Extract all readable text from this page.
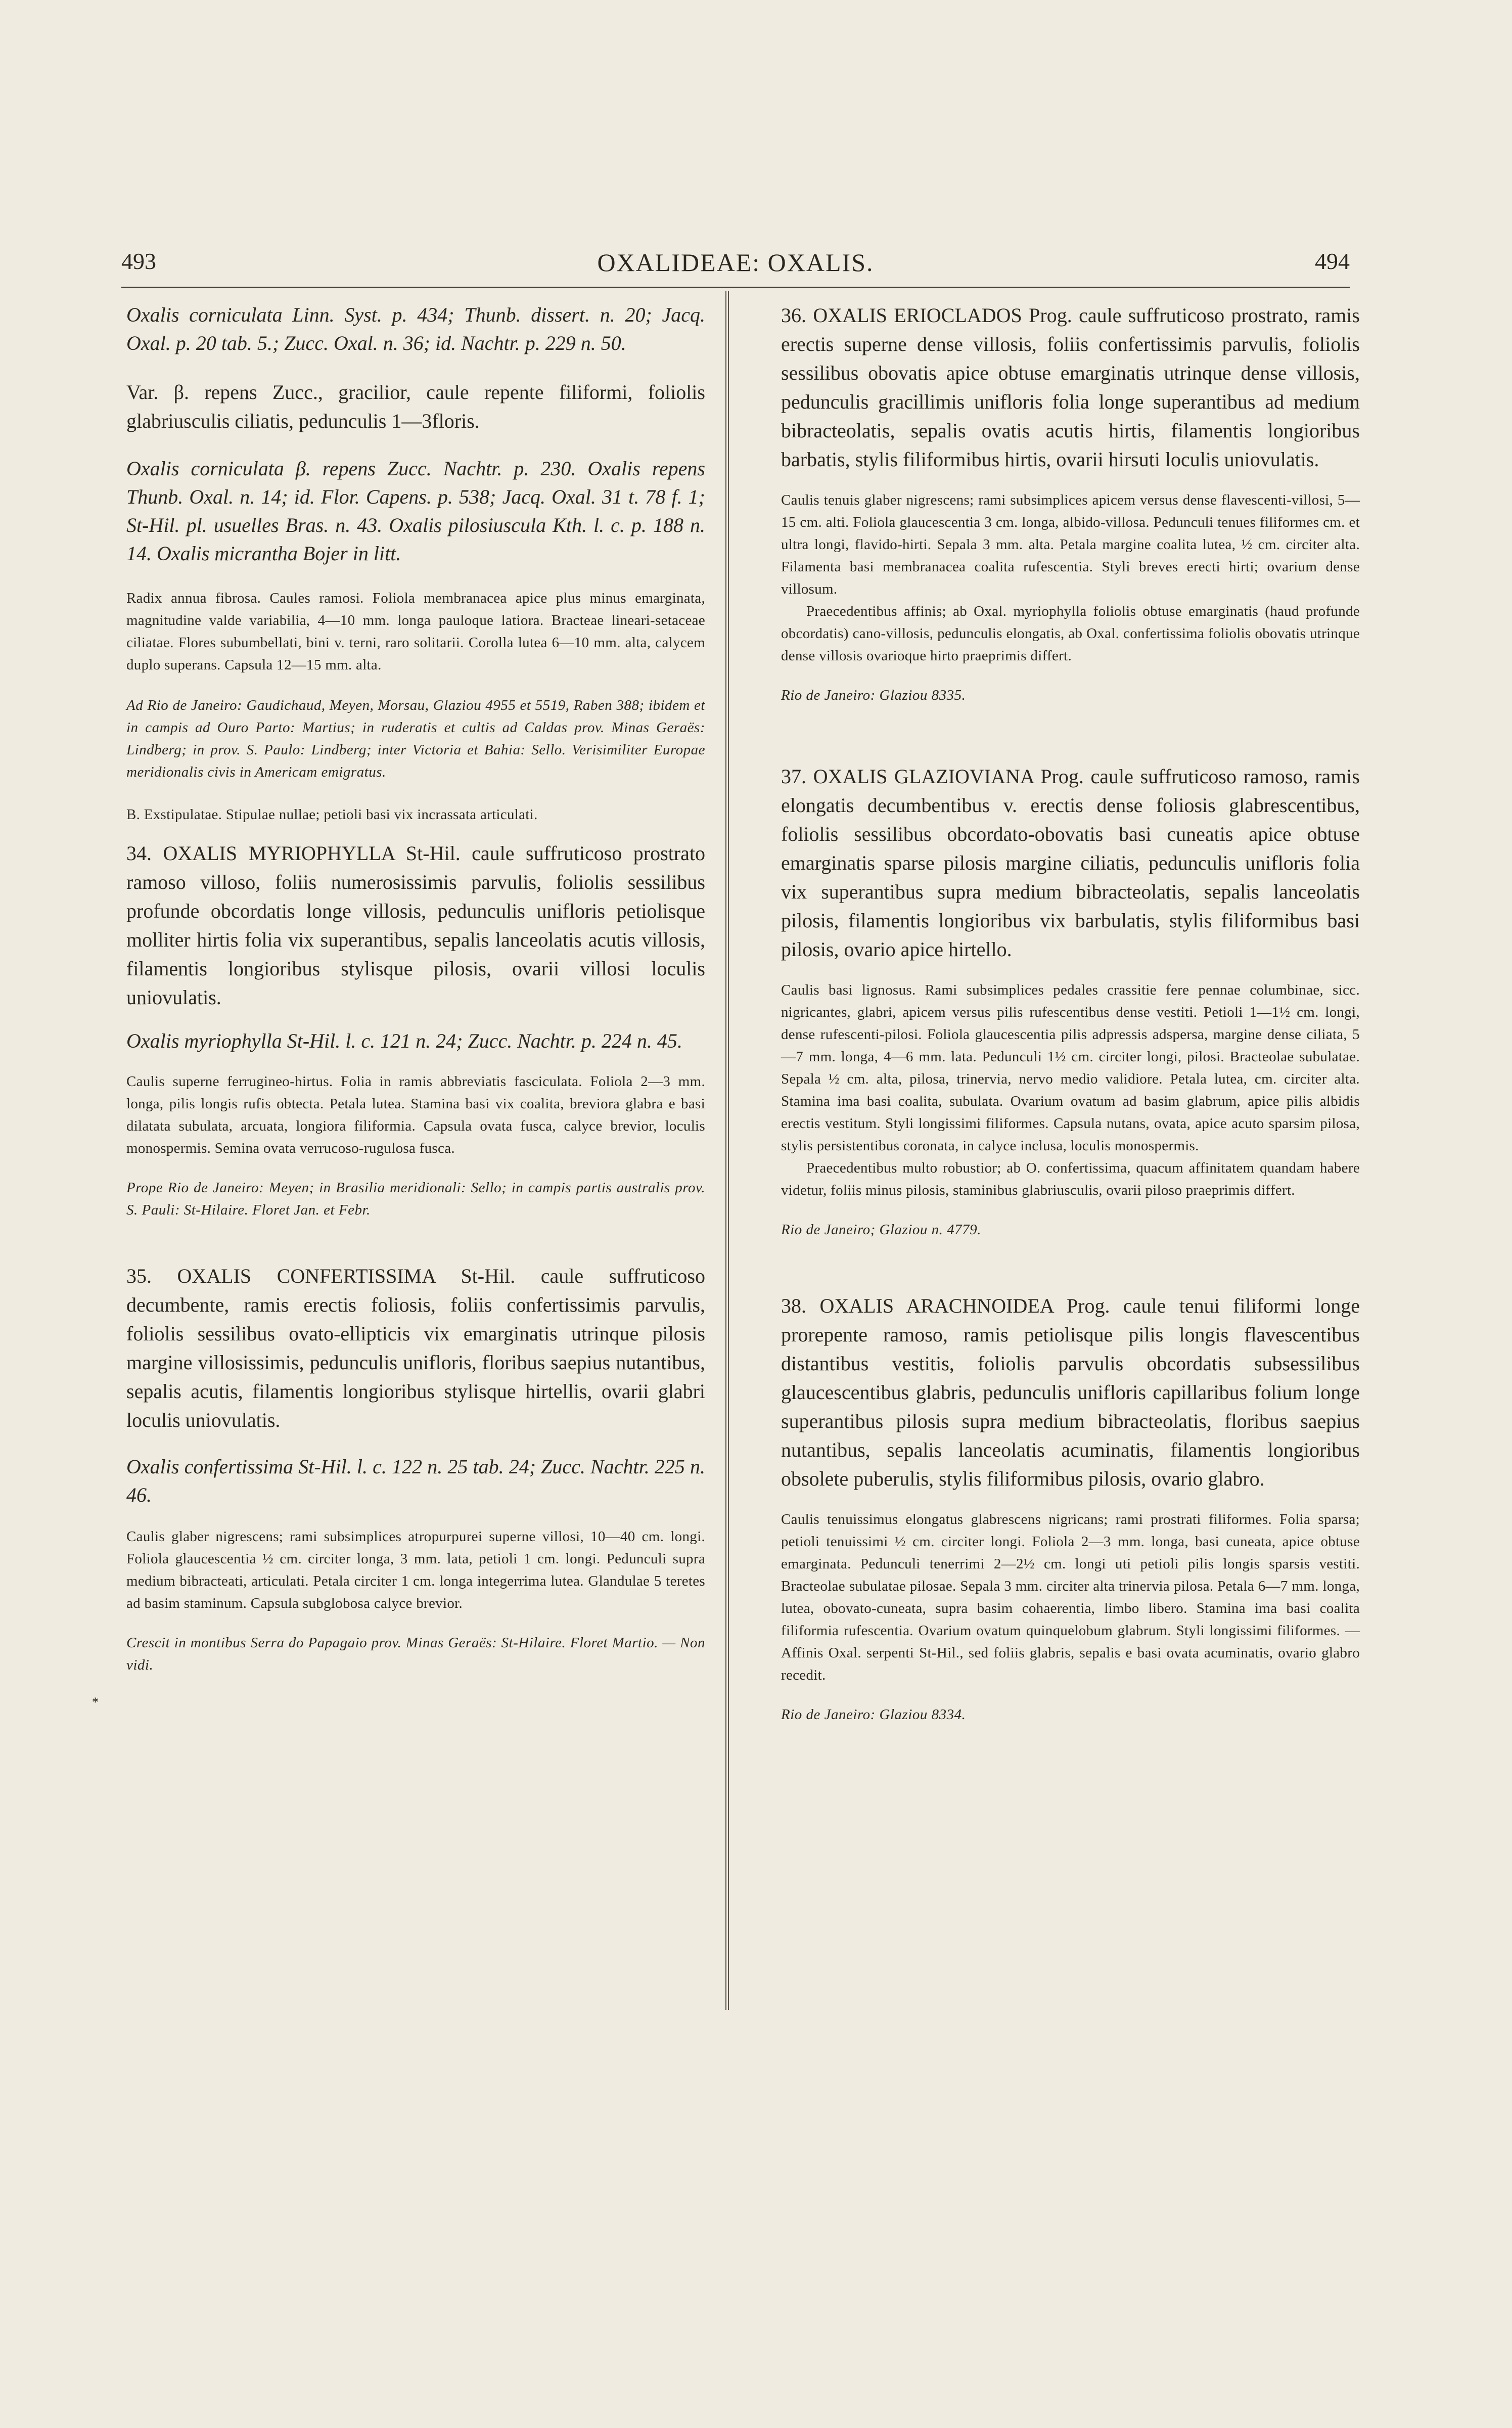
493	OXALIDEAE: OXALIS.	494

Oxalis corniculata Linn. Syst. p. 434; Thunb. dissert. n. 20; Jacq. Oxal. p. 20 tab. 5.; Zucc. Oxal. n. 36; id. Nachtr. p. 229 n. 50.

Var. β. repens Zucc., gracilior, caule repente filiformi, foliolis glabriusculis ciliatis, pedunculis 1—3floris.

Oxalis corniculata β. repens Zucc. Nachtr. p. 230. Oxalis repens Thunb. Oxal. n. 14; id. Flor. Capens. p. 538; Jacq. Oxal. 31 t. 78 f. 1; St-Hil. pl. usuelles Bras. n. 43. Oxalis pilosiuscula Kth. l. c. p. 188 n. 14. Oxalis micrantha Bojer in litt.

Radix annua fibrosa. Caules ramosi. Foliola membranacea apice plus minus emarginata, magnitudine valde variabilia, 4—10 mm. longa pauloque latiora. Bracteae lineari-setaceae ciliatae. Flores subumbellati, bini v. terni, raro solitarii. Corolla lutea 6—10 mm. alta, calycem duplo superans. Capsula 12—15 mm. alta.

Ad Rio de Janeiro: Gaudichaud, Meyen, Morsau, Glaziou 4955 et 5519, Raben 388; ibidem et in campis ad Ouro Parto: Martius; in ruderatis et cultis ad Caldas prov. Minas Geraës: Lindberg; in prov. S. Paulo: Lindberg; inter Victoria et Bahia: Sello. Verisimiliter Europae meridionalis civis in Americam emigratus.

B. Exstipulatae. Stipulae nullae; petioli basi vix incrassata articulati.

34. OXALIS MYRIOPHYLLA St-Hil. caule suffruticoso prostrato ramoso villoso, foliis numerosissimis parvulis, foliolis sessilibus profunde obcordatis longe villosis, pedunculis unifloris petiolisque molliter hirtis folia vix superantibus, sepalis lanceolatis acutis villosis, filamentis longioribus stylisque pilosis, ovarii villosi loculis uniovulatis.

Oxalis myriophylla St-Hil. l. c. 121 n. 24; Zucc. Nachtr. p. 224 n. 45.

Caulis superne ferrugineo-hirtus. Folia in ramis abbreviatis fasciculata. Foliola 2—3 mm. longa, pilis longis rufis obtecta. Petala lutea. Stamina basi vix coalita, breviora glabra e basi dilatata subulata, arcuata, longiora filiformia. Capsula ovata fusca, calyce brevior, loculis monospermis. Semina ovata verrucoso-rugulosa fusca.

Prope Rio de Janeiro: Meyen; in Brasilia meridionali: Sello; in campis partis australis prov. S. Pauli: St-Hilaire. Floret Jan. et Febr.

35. OXALIS CONFERTISSIMA St-Hil. caule suffruticoso decumbente, ramis erectis foliosis, foliis confertissimis parvulis, foliolis sessilibus ovato-ellipticis vix emarginatis utrinque pilosis margine villosissimis, pedunculis unifloris, floribus saepius nutantibus, sepalis acutis, filamentis longioribus stylisque hirtellis, ovarii glabri loculis uniovulatis.

Oxalis confertissima St-Hil. l. c. 122 n. 25 tab. 24; Zucc. Nachtr. 225 n. 46.

Caulis glaber nigrescens; rami subsimplices atropurpurei superne villosi, 10—40 cm. longi. Foliola glaucescentia ½ cm. circiter longa, 3 mm. lata, petioli 1 cm. longi. Pedunculi supra medium bibracteati, articulati. Petala circiter 1 cm. longa integerrima lutea. Glandulae 5 teretes ad basim staminum. Capsula subglobosa calyce brevior.

Crescit in montibus Serra do Papagaio prov. Minas Geraës: St-Hilaire. Floret Martio. — Non vidi.

36. OXALIS ERIOCLADOS Prog. caule suffruticoso prostrato, ramis erectis superne dense villosis, foliis confertissimis parvulis, foliolis sessilibus obovatis apice obtuse emarginatis utrinque dense villosis, pedunculis gracillimis unifloris folia longe superantibus ad medium bibracteolatis, sepalis ovatis acutis hirtis, filamentis longioribus barbatis, stylis filiformibus hirtis, ovarii hirsuti loculis uniovulatis.

Caulis tenuis glaber nigrescens; rami subsimplices apicem versus dense flavescenti-villosi, 5—15 cm. alti. Foliola glaucescentia 3 cm. longa, albido-villosa. Pedunculi tenues filiformes cm. et ultra longi, flavido-hirti. Sepala 3 mm. alta. Petala margine coalita lutea, ½ cm. circiter alta. Filamenta basi membranacea coalita rufescentia. Styli breves erecti hirti; ovarium dense villosum.

Praecedentibus affinis; ab Oxal. myriophylla foliolis obtuse emarginatis (haud profunde obcordatis) cano-villosis, pedunculis elongatis, ab Oxal. confertissima foliolis obovatis utrinque dense villosis ovarioque hirto praeprimis differt.

Rio de Janeiro: Glaziou 8335.

37. OXALIS GLAZIOVIANA Prog. caule suffruticoso ramoso, ramis elongatis decumbentibus v. erectis dense foliosis glabrescentibus, foliolis sessilibus obcordato-obovatis basi cuneatis apice obtuse emarginatis sparse pilosis margine ciliatis, pedunculis unifloris folia vix superantibus supra medium bibracteolatis, sepalis lanceolatis pilosis, filamentis longioribus vix barbulatis, stylis filiformibus basi pilosis, ovario apice hirtello.

Caulis basi lignosus. Rami subsimplices pedales crassitie fere pennae columbinae, sicc. nigricantes, glabri, apicem versus pilis rufescentibus dense vestiti. Petioli 1—1½ cm. longi, dense rufescenti-pilosi. Foliola glaucescentia pilis adpressis adspersa, margine dense ciliata, 5—7 mm. longa, 4—6 mm. lata. Pedunculi 1½ cm. circiter longi, pilosi. Bracteolae subulatae. Sepala ½ cm. alta, pilosa, trinervia, nervo medio validiore. Petala lutea, cm. circiter alta. Stamina ima basi coalita, subulata. Ovarium ovatum ad basim glabrum, apice pilis albidis erectis vestitum. Styli longissimi filiformes. Capsula nutans, ovata, apice acuto sparsim pilosa, stylis persistentibus coronata, in calyce inclusa, loculis monospermis.

Praecedentibus multo robustior; ab O. confertissima, quacum affinitatem quandam habere videtur, foliis minus pilosis, staminibus glabriusculis, ovarii piloso praeprimis differt.

Rio de Janeiro; Glaziou n. 4779.

38. OXALIS ARACHNOIDEA Prog. caule tenui filiformi longe prorepente ramoso, ramis petiolisque pilis longis flavescentibus distantibus vestitis, foliolis parvulis obcordatis subsessilibus glaucescentibus glabris, pedunculis unifloris capillaribus folium longe superantibus pilosis supra medium bibracteolatis, floribus saepius nutantibus, sepalis lanceolatis acuminatis, filamentis longioribus obsolete puberulis, stylis filiformibus pilosis, ovario glabro.

Caulis tenuissimus elongatus glabrescens nigricans; rami prostrati filiformes. Folia sparsa; petioli tenuissimi ½ cm. circiter longi. Foliola 2—3 mm. longa, basi cuneata, apice obtuse emarginata. Pedunculi tenerrimi 2—2½ cm. longi uti petioli pilis longis sparsis vestiti. Bracteolae subulatae pilosae. Sepala 3 mm. circiter alta trinervia pilosa. Petala 6—7 mm. longa, lutea, obovato-cuneata, supra basim cohaerentia, limbo libero. Stamina ima basi coalita filiformia rufescentia. Ovarium ovatum quinquelobum glabrum. Styli longissimi filiformes. — Affinis Oxal. serpenti St-Hil., sed foliis glabris, sepalis e basi ovata acuminatis, ovario glabro recedit.

Rio de Janeiro: Glaziou 8334.

*
